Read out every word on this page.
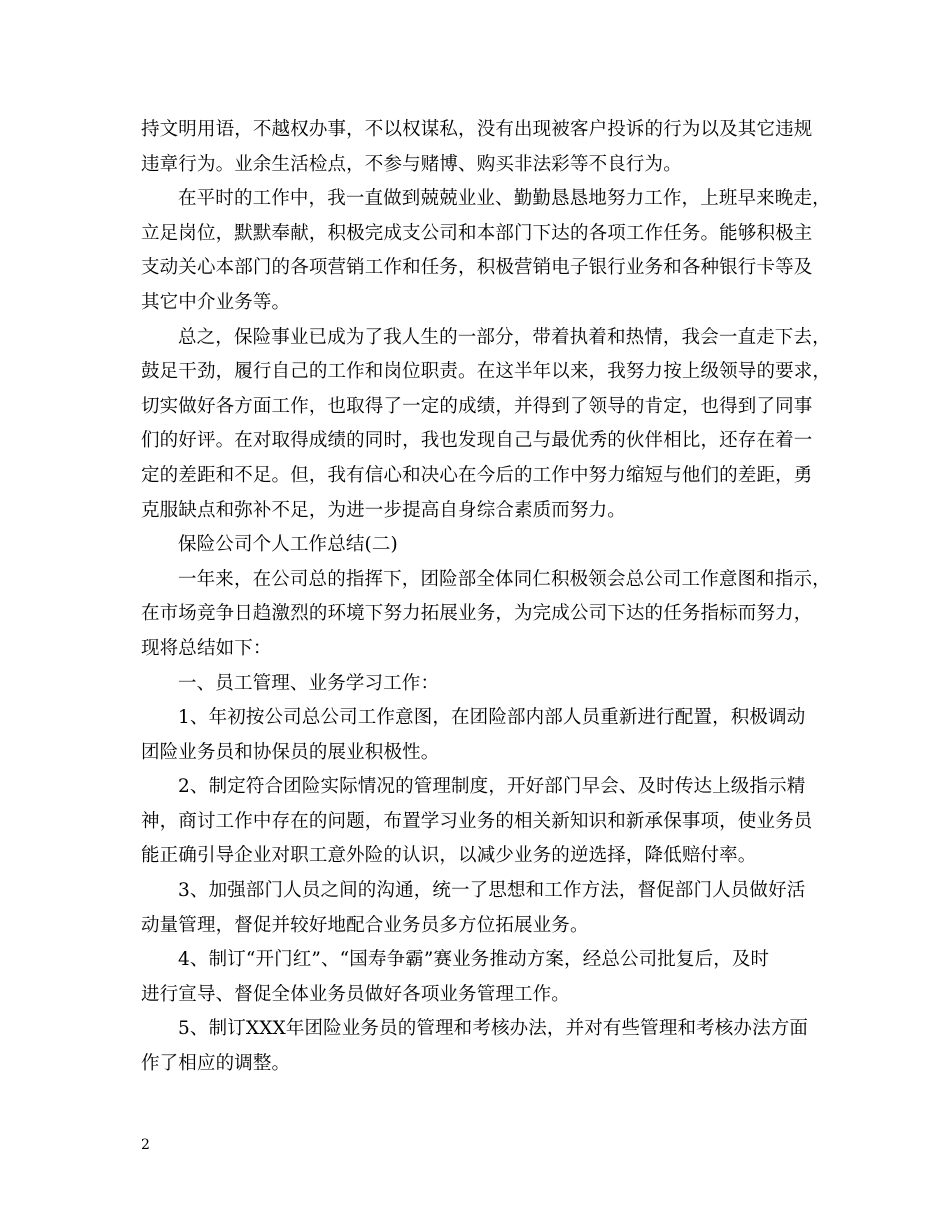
持文明用语，不越权办事，不以权谋私，没有出现被客户投诉的行为以及其它违规
违章行为。业余生活检点，不参与赌博、购买非法彩等不良行为。
在平时的工作中，我一直做到兢兢业业、勤勤恳恳地努力工作，上班早来晚走，
立足岗位，默默奉献，积极完成支公司和本部门下达的各项工作任务。能够积极主
支动关心本部门的各项营销工作和任务，积极营销电子银行业务和各种银行卡等及
其它中介业务等。
总之，保险事业已成为了我人生的一部分，带着执着和热情，我会一直走下去，
鼓足干劲，履行自己的工作和岗位职责。在这半年以来，我努力按上级领导的要求，
切实做好各方面工作，也取得了一定的成绩，并得到了领导的肯定，也得到了同事
们的好评。在对取得成绩的同时，我也发现自己与最优秀的伙伴相比，还存在着一
定的差距和不足。但，我有信心和决心在今后的工作中努力缩短与他们的差距，勇
克服缺点和弥补不足，为进一步提高自身综合素质而努力。
保险公司个人工作总结(二)
一年来，在公司总的指挥下，团险部全体同仁积极领会总公司工作意图和指示，
在市场竞争日趋激烈的环境下努力拓展业务，为完成公司下达的任务指标而努力，
现将总结如下：
一、员工管理、业务学习工作：
1、年初按公司总公司工作意图，在团险部内部人员重新进行配置，积极调动
团险业务员和协保员的展业积极性。
2、制定符合团险实际情况的管理制度，开好部门早会、及时传达上级指示精
神，商讨工作中存在的问题，布置学习业务的相关新知识和新承保事项，使业务员
能正确引导企业对职工意外险的认识，以减少业务的逆选择，降低赔付率。
3、加强部门人员之间的沟通，统一了思想和工作方法，督促部门人员做好活
动量管理，督促并较好地配合业务员多方位拓展业务。
4、制订“开门红”、“国寿争霸”赛业务推动方案，经总公司批复后，及时
进行宣导、督促全体业务员做好各项业务管理工作。
5、制订XXX年团险业务员的管理和考核办法，并对有些管理和考核办法方面
作了相应的调整。
2
